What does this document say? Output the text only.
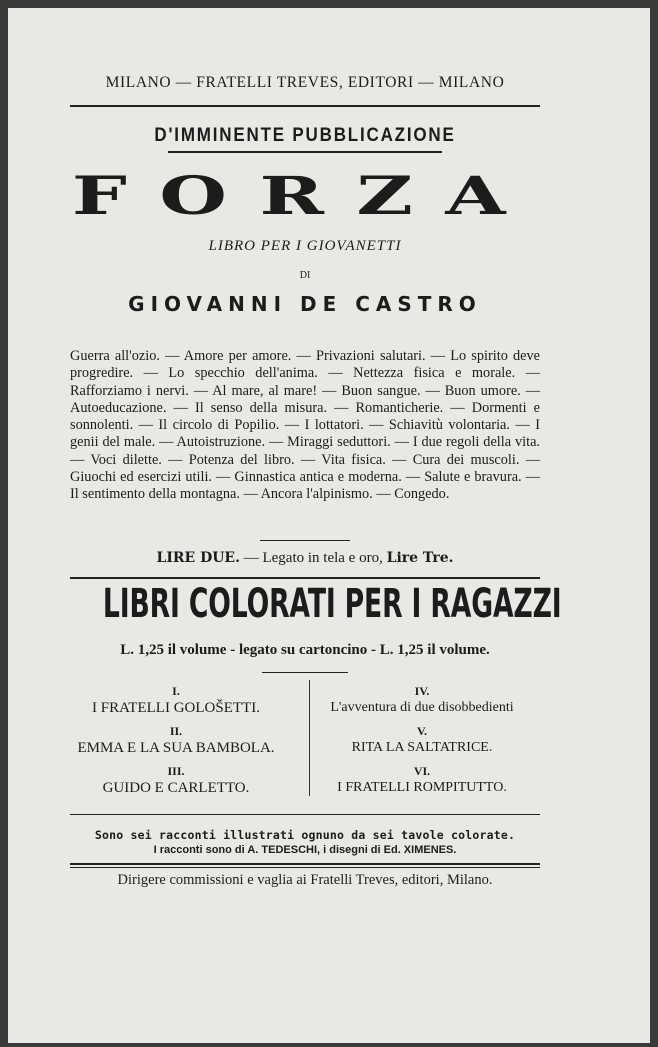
MILANO — FRATELLI TREVES, EDITORI — MILANO
D'IMMINENTE PUBBLICAZIONE
FORZA
LIBRO PER I GIOVANETTI
DI
GIOVANNI DE CASTRO
Guerra all'ozio. — Amore per amore. — Privazioni salutari. — Lo spirito deve progredire. — Lo specchio dell'anima. — Nettezza fisica e morale. — Rafforziamo i nervi. — Al mare, al mare! — Buon sangue. — Buon umore. — Autoeducazione. — Il senso della misura. — Romanticherie. — Dormenti e sonnolenti. — Il circolo di Popilio. — I lottatori. — Schiavitù volontaria. — I genii del male. — Autoistruzione. — Miraggi seduttori. — I due regoli della vita. — Voci dilette. — Potenza del libro. — Vita fisica. — Cura dei muscoli. — Giuochi ed esercizi utili. — Ginnastica antica e moderna. — Salute e bravura. — Il sentimento della montagna. — Ancora l'alpinismo. — Congedo.
LIRE DUE. — Legato in tela e oro, Lire Tre.
LIBRI COLORATI PER I RAGAZZI
L. 1,25 il volume - legato su cartoncino - L. 1,25 il volume.
I.
I FRATELLI GOLOŠETTI.
II.
EMMA E LA SUA BAMBOLA.
III.
GUIDO E CARLETTO.
IV.
L'avventura di due disobbedienti
V.
RITA LA SALTATRICE.
VI.
I FRATELLI ROMPITUTTO.
Sono sei racconti illustrati ognuno da sei tavole colorate.
I racconti sono di A. TEDESCHI, i disegni di Ed. XIMENES.
Dirigere commissioni e vaglia ai Fratelli Treves, editori, Milano.
